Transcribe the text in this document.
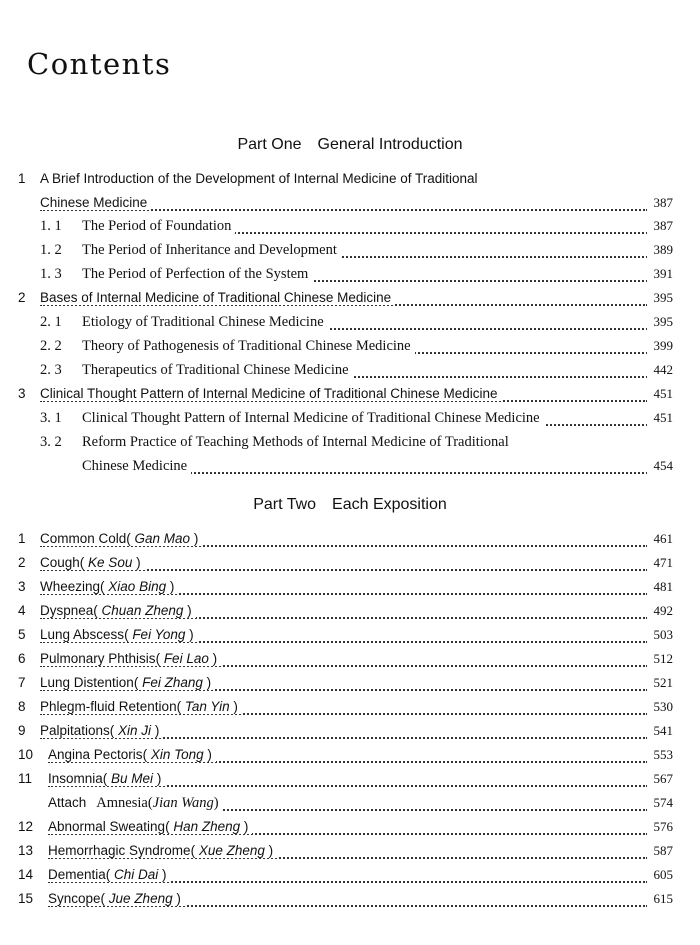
Contents
Part One General Introduction
1 A Brief Introduction of the Development of Internal Medicine of Traditional
Chinese Medicine	387
1. 1 The Period of Foundation	387
1. 2 The Period of Inheritance and Development	389
1. 3 The Period of Perfection of the System	391
2 Bases of Internal Medicine of Traditional Chinese Medicine	395
2. 1 Etiology of Traditional Chinese Medicine	395
2. 2 Theory of Pathogenesis of Traditional Chinese Medicine	399
2. 3 Therapeutics of Traditional Chinese Medicine	442
3 Clinical Thought Pattern of Internal Medicine of Traditional Chinese Medicine	451
3. 1 Clinical Thought Pattern of Internal Medicine of Traditional Chinese Medicine	451
3. 2 Reform Practice of Teaching Methods of Internal Medicine of Traditional
Chinese Medicine	454
Part Two Each Exposition
1 Common Cold( Gan Mao )	461
2 Cough( Ke Sou )	471
3 Wheezing( Xiao Bing )	481
4 Dyspnea( Chuan Zheng )	492
5 Lung Abscess( Fei Yong )	503
6 Pulmonary Phthisis( Fei Lao )	512
7 Lung Distention( Fei Zhang )	521
8 Phlegm-fluid Retention( Tan Yin )	530
9 Palpitations( Xin Ji )	541
10 Angina Pectoris( Xin Tong )	553
11 Insomnia( Bu Mei )	567
Attach Amnesia(Jian Wang)	574
12 Abnormal Sweating( Han Zheng )	576
13 Hemorrhagic Syndrome( Xue Zheng )	587
14 Dementia( Chi Dai )	605
15 Syncope( Jue Zheng )	615
